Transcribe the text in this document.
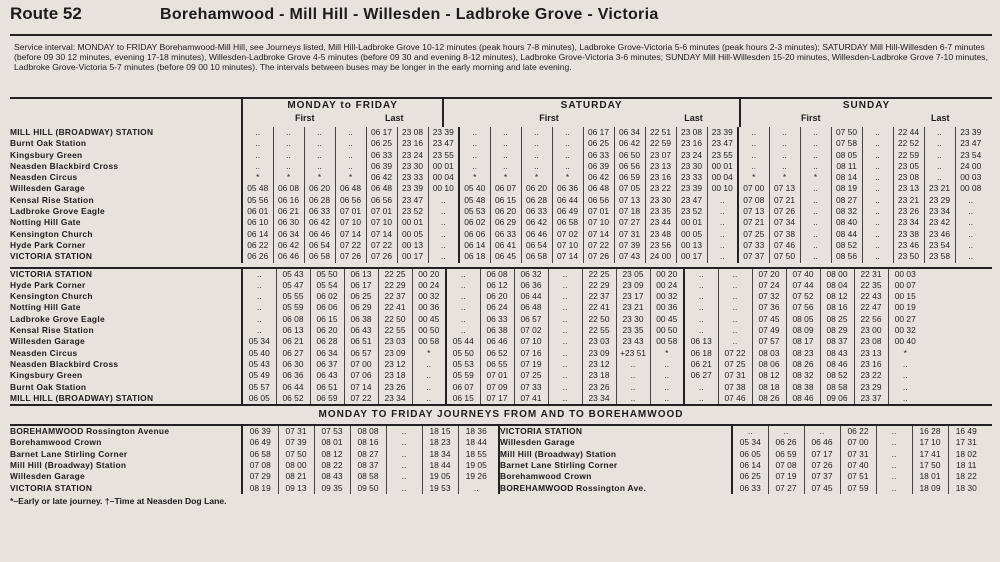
Route 52	Borehamwood - Mill Hill - Willesden - Ladbroke Grove - Victoria
Service interval: MONDAY to FRIDAY Borehamwood-Mill Hill, see Journeys listed, Mill Hill-Ladbroke Grove 10-12 minutes (peak hours 7-8 minutes), Ladbroke Grove-Victoria 5-6 minutes (peak hours 2-3 minutes); SATURDAY Mill Hill-Willesden 6-7 minutes (before 09 30 12 minutes, evening 17-18 minutes), Willesden-Ladbroke Grove 4-5 minutes (before 09 30 and evening 8-12 minutes), Ladbroke Grove-Victoria 3-6 minutes; SUNDAY Mill Hill-Willesden 15-20 minutes, Willesden-Ladbroke Grove 7-10 minutes, Ladbroke Grove-Victoria 5-7 minutes (before 09 00 10 minutes). The intervals between buses may be longer in the early morning and late evening.
MONDAY to FRIDAY
First	Last
SATURDAY
First	Last
SUNDAY
First	Last
MILL HILL (BROADWAY) STATION	..	..	..	..	06 17	23 08	23 39	..	..	..	..	06 17	06 34	22 51	23 08	23 39	..	..	..	07 50	..	22 44	..	23 39
Burnt Oak Station	..	..	..	..	06 25	23 16	23 47	..	..	..	..	06 25	06 42	22 59	23 16	23 47	..	..	..	07 58	..	22 52	..	23 47
Kingsbury Green	..	..	..	..	06 33	23 24	23 55	..	..	..	..	06 33	06 50	23 07	23 24	23 55	..	..	..	08 05	..	22 59	..	23 54
Neasden Blackbird Cross	..	..	..	..	06 39	23 30	00 01	..	..	..	..	06 39	06 56	23 13	23 30	00 01	..	..	..	08 11	..	23 05	..	24 00
Neasden Circus	*	*	*	*	06 42	23 33	00 04	*	*	*	*	06 42	06 59	23 16	23 33	00 04	*	*	*	08 14	..	23 08	..	00 03
Willesden Garage	05 48	06 08	06 20	06 48	06 48	23 39	00 10	05 40	06 07	06 20	06 36	06 48	07 05	23 22	23 39	00 10	07 00	07 13	..	08 19	..	23 13	23 21	00 08
Kensal Rise Station	05 56	06 16	06 28	06 56	06 56	23 47	..	05 48	06 15	06 28	06 44	06 56	07 13	23 30	23 47	..	07 08	07 21	..	08 27	..	23 21	23 29	..
Ladbroke Grove Eagle	06 01	06 21	06 33	07 01	07 01	23 52	..	05 53	06 20	06 33	06 49	07 01	07 18	23 35	23 52	..	07 13	07 26	..	08 32	..	23 26	23 34	..
Notting Hill Gate	06 10	06 30	06 42	07 10	07 10	00 01	..	06 02	06 29	06 42	06 58	07 10	07 27	23 44	00 01	..	07 21	07 34	..	08 40	..	23 34	23 42	..
Kensington Church	06 14	06 34	06 46	07 14	07 14	00 05	..	06 06	06 33	06 46	07 02	07 14	07 31	23 48	00 05	..	07 25	07 38	..	08 44	..	23 38	23 46	..
Hyde Park Corner	06 22	06 42	06 54	07 22	07 22	00 13	..	06 14	06 41	06 54	07 10	07 22	07 39	23 56	00 13	..	07 33	07 46	..	08 52	..	23 46	23 54	..
VICTORIA STATION	06 26	06 46	06 58	07 26	07 26	00 17	..	06 18	06 45	06 58	07 14	07 26	07 43	24 00	00 17	..	07 37	07 50	..	08 56	..	23 50	23 58	..
VICTORIA STATION	..	05 43	05 50	06 13	22 25	00 20	..	06 08	06 32	..	22 25	23 05	00 20	..	..	07 20	07 40	08 00	22 31	00 03
Hyde Park Corner	..	05 47	05 54	06 17	22 29	00 24	..	06 12	06 36	..	22 29	23 09	00 24	..	..	07 24	07 44	08 04	22 35	00 07
Kensington Church	..	05 55	06 02	06 25	22 37	00 32	..	06 20	06 44	..	22 37	23 17	00 32	..	..	07 32	07 52	08 12	22 43	00 15
Notting Hill Gate	..	05 59	06 06	06 29	22 41	00 36	..	06 24	06 48	..	22 41	23 21	00 36	..	..	07 36	07 56	08 16	22 47	00 19
Ladbroke Grove Eagle	..	06 08	06 15	06 38	22 50	00 45	..	06 33	06 57	..	22 50	23 30	00 45	..	..	07 45	08 05	08 25	22 56	00 27
Kensal Rise Station	..	06 13	06 20	06 43	22 55	00 50	..	06 38	07 02	..	22 55	23 35	00 50	..	..	07 49	08 09	08 29	23 00	00 32
Willesden Garage	05 34	06 21	06 28	06 51	23 03	00 58	05 44	06 46	07 10	..	23 03	23 43	00 58	06 13	..	07 57	08 17	08 37	23 08	00 40
Neasden Circus	05 40	06 27	06 34	06 57	23 09	*	05 50	06 52	07 16	..	23 09	+23 51	*	06 18	07 22	08 03	08 23	08 43	23 13	*
Neasden Blackbird Cross	05 43	06 30	06 37	07 00	23 12	..	05 53	06 55	07 19	..	23 12	..	..	06 21	07 25	08 06	08 26	08 46	23 16	..
Kingsbury Green	05 49	06 36	06 43	07 06	23 18	..	05 59	07 01	07 25	..	23 18	..	..	06 27	07 31	08 12	08 32	08 52	23 22	..
Burnt Oak Station	05 57	06 44	06 51	07 14	23 26	..	06 07	07 09	07 33	..	23 26	..	..	..	07 38	08 18	08 38	08 58	23 29	..
MILL HILL (BROADWAY) STATION	06 05	06 52	06 59	07 22	23 34	..	06 15	07 17	07 41	..	23 34	..	..	..	07 46	08 26	08 46	09 06	23 37	..
MONDAY TO FRIDAY JOURNEYS FROM AND TO BOREHAMWOOD
BOREHAMWOOD Rossington Avenue	06 39	07 31	07 53	08 08	..	18 15	18 36
Borehamwood Crown	06 49	07 39	08 01	08 16	..	18 23	18 44
Barnet Lane Stirling Corner	06 58	07 50	08 12	08 27	..	18 34	18 55
Mill Hill (Broadway) Station	07 08	08 00	08 22	08 37	..	18 44	19 05
Willesden Garage	07 29	08 21	08 43	08 58	..	19 05	19 26
VICTORIA STATION	08 19	09 13	09 35	09 50	..	19 53	..
VICTORIA STATION	..	..	..	06 22	..	16 28	16 49
Willesden Garage	05 34	06 26	06 46	07 00	..	17 10	17 31
Mill Hill (Broadway) Station	06 05	06 59	07 17	07 31	..	17 41	18 02
Barnet Lane Stirling Corner	06 14	07 08	07 26	07 40	..	17 50	18 11
Borehamwood Crown	06 25	07 19	07 37	07 51	..	18 01	18 22
BOREHAMWOOD Rossington Ave.	06 33	07 27	07 45	07 59	..	18 09	18 30
*–Early or late journey. †–Time at Neasden Dog Lane.
